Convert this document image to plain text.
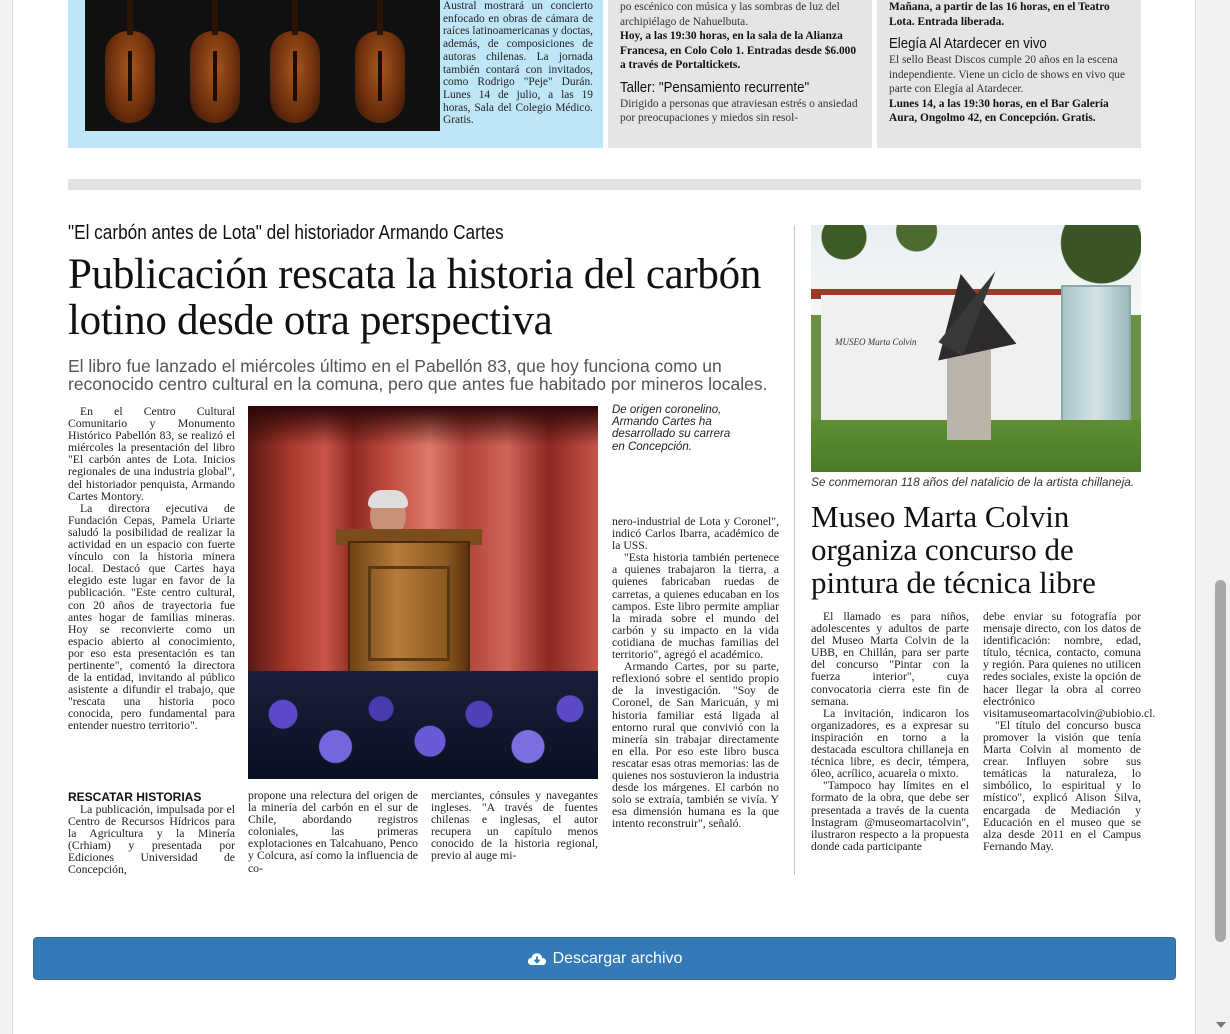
Austral mostrará un concierto enfocado en obras de cámara de raíces latinoamericanas y doctas, además, de composiciones de autoras chilenas. La jornada también contará con invitados, como Rodrigo "Peje" Durán. Lunes 14 de julio, a las 19 horas, Sala del Colegio Médico. Gratis.
po escénico con música y las sombras de luz del archipiélago de Nahuelbuta.
Hoy, a las 19:30 horas, en la sala de la Alianza Francesa, en Colo Colo 1. Entradas desde $6.000 a través de Portaltickets.
Taller: "Pensamiento recurrente"
Dirigido a personas que atraviesan estrés o ansiedad por preocupaciones y miedos sin resol-
Mañana, a partir de las 16 horas, en el Teatro Lota. Entrada liberada.
Elegía Al Atardecer en vivo
El sello Beast Discos cumple 20 años en la escena independiente. Viene un ciclo de shows en vivo que parte con Elegía al Atardecer.
Lunes 14, a las 19:30 horas, en el Bar Galería Aura, Ongolmo 42, en Concepción. Gratis.
"El carbón antes de Lota" del historiador Armando Cartes
Publicación rescata la historia del carbón lotino desde otra perspectiva
El libro fue lanzado el miércoles último en el Pabellón 83, que hoy funciona como un reconocido centro cultural en la comuna, pero que antes fue habitado por mineros locales.

En el Centro Cultural Comunitario y Monumento Histórico Pabellón 83, se realizó el miércoles la presentación del libro "El carbón antes de Lota. Inicios regionales de una industria global", del historiador penquista, Armando Cartes Montory.

La directora ejecutiva de Fundación Cepas, Pamela Uriarte saludó la posibilidad de realizar la actividad en un espacio con fuerte vínculo con la historia minera local. Destacó que Cartes haya elegido este lugar en favor de la publicación. "Este centro cultural, con 20 años de trayectoria fue antes hogar de familias mineras. Hoy se reconvierte como un espacio abierto al conocimiento, por eso esta presentación es tan pertinente", comentó la directora de la entidad, invitando al público asistente a difundir el trabajo, que "rescata una historia poco conocida, pero fundamental para entender nuestro territorio".

RESCATAR HISTORIAS

La publicación, impulsada por el Centro de Recursos Hídricos para la Agricultura y la Minería (Crhiam) y presentada por Ediciones Universidad de Concepción,

propone una relectura del origen de la minería del carbón en el sur de Chile, abordando registros coloniales, las primeras explotaciones en Talcahuano, Penco y Colcura, así como la influencia de co-
merciantes, cónsules y navegantes ingleses. "A través de fuentes chilenas e inglesas, el autor recupera un capítulo menos conocido de la historia regional, previo al auge mi-
De origen coronelino, Armando Cartes ha desarrollado su carrera en Concepción.

nero-industrial de Lota y Coronel", indicó Carlos Ibarra, académico de la USS.

"Esta historia también pertenece a quienes trabajaron la tierra, a quienes fabricaban ruedas de carretas, a quienes educaban en los campos. Este libro permite ampliar la mirada sobre el mundo del carbón y su impacto en la vida cotidiana de muchas familias del territorio", agregó el académico.

Armando Cartes, por su parte, reflexionó sobre el sentido propio de la investigación. "Soy de Coronel, de San Maricuán, y mi historia familiar está ligada al entorno rural que convivió con la minería sin trabajar directamente en ella. Por eso este libro busca rescatar esas otras memorias: las de quienes nos sostuvieron la industria desde los márgenes. El carbón no solo se extraía, también se vivía. Y esa dimensión humana es la que intento reconstruir", señaló.

MUSEO Marta Colvin
Se conmemoran 118 años del natalicio de la artista chillaneja.
Museo Marta Colvin organiza concurso de pintura de técnica libre

El llamado es para niños, adolescentes y adultos de parte del Museo Marta Colvin de la UBB, en Chillán, para ser parte del concurso "Pintar con la fuerza interior", cuya convocatoria cierra este fin de semana.

La invitación, indicaron los organizadores, es a expresar su inspiración en torno a la destacada escultora chillaneja en técnica libre, es decir, témpera, óleo, acrílico, acuarela o mixto.

"Tampoco hay límites en el formato de la obra, que debe ser presentada a través de la cuenta Instagram @museomartacolvin", ilustraron respecto a la propuesta donde cada participante

debe enviar su fotografía por mensaje directo, con los datos de identificación: nombre, edad, título, técnica, contacto, comuna y región. Para quienes no utilicen redes sociales, existe la opción de hacer llegar la obra al correo electrónico visitamuseomartacolvin@ubiobio.cl.

"El título del concurso busca promover la visión que tenía Marta Colvin al momento de crear. Influyen sobre sus temáticas la naturaleza, lo simbólico, lo espiritual y lo místico", explicó Alison Silva, encargada de Mediación y Educación en el museo que se alza desde 2011 en el Campus Fernando May.

Descargar archivo
